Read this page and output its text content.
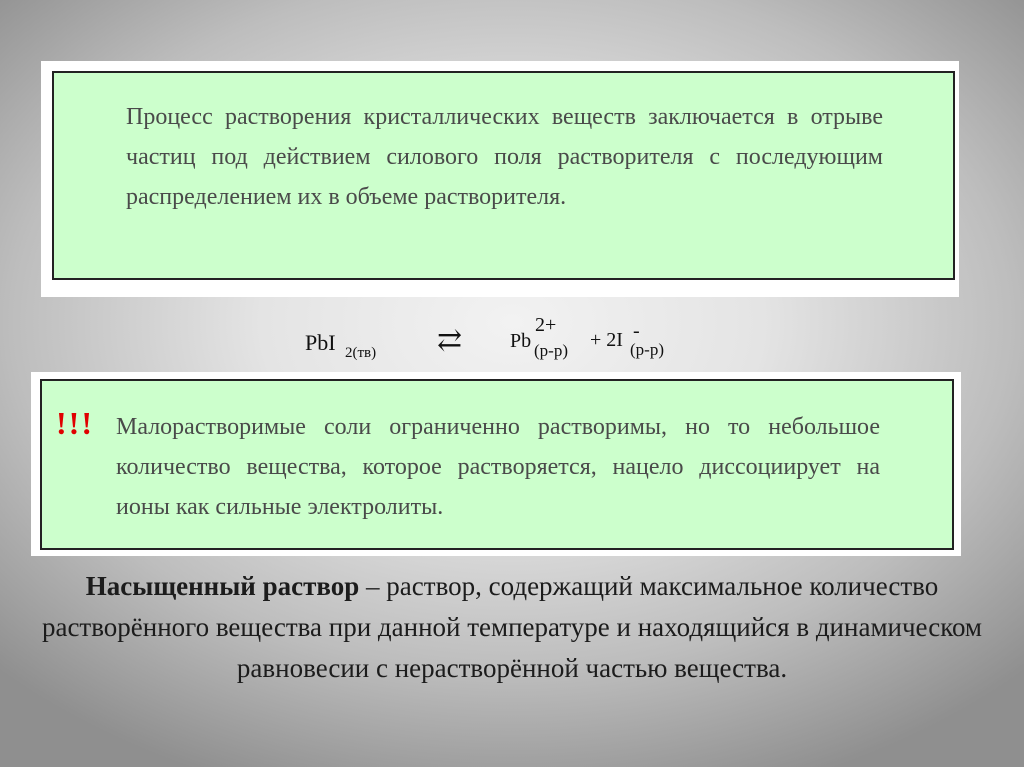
Процесс растворения кристаллических веществ заключается в отрыве частиц под действием силового поля растворителя с последующим распределением их в объеме растворителя.
PbI 2(тв) ⇄ Pb
2+
(р-р) + 2I -
(р-р)
!!! Малорастворимые соли ограниченно растворимы, но то небольшое количество вещества, которое растворяется, нацело диссоциирует на ионы как сильные электролиты.
Насыщенный раствор – раствор, содержащий максимальное количество растворённого вещества при данной температуре и находящийся в динамическом равновесии с нерастворённой частью вещества.
